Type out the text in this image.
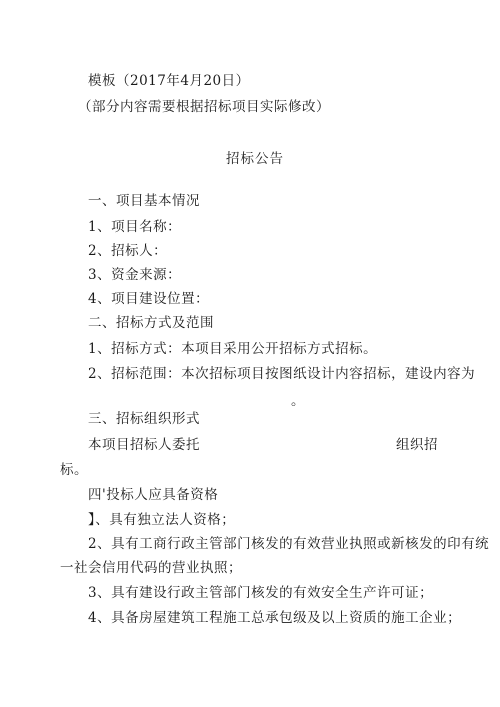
模板（2017年4月20日）
（部分内容需要根据招标项目实际修改）
招标公告
一、项目基本情况
1、项目名称：
2、招标人：
3、资金来源：
4、项目建设位置：
二、招标方式及范围
1、招标方式：本项目采用公开招标方式招标。
2、招标范围：本次招标项目按图纸设计内容招标，建设内容为
。
三、招标组织形式
本项目招标人委托	组织招
标。
四'投标人应具备资格
】、具有独立法人资格；
2、具有工商行政主管部门核发的有效营业执照或新核发的印有统
一社会信用代码的营业执照；
3、具有建设行政主管部门核发的有效安全生产许可证；
4、具备房屋建筑工程施工总承包级及以上资质的施工企业；
